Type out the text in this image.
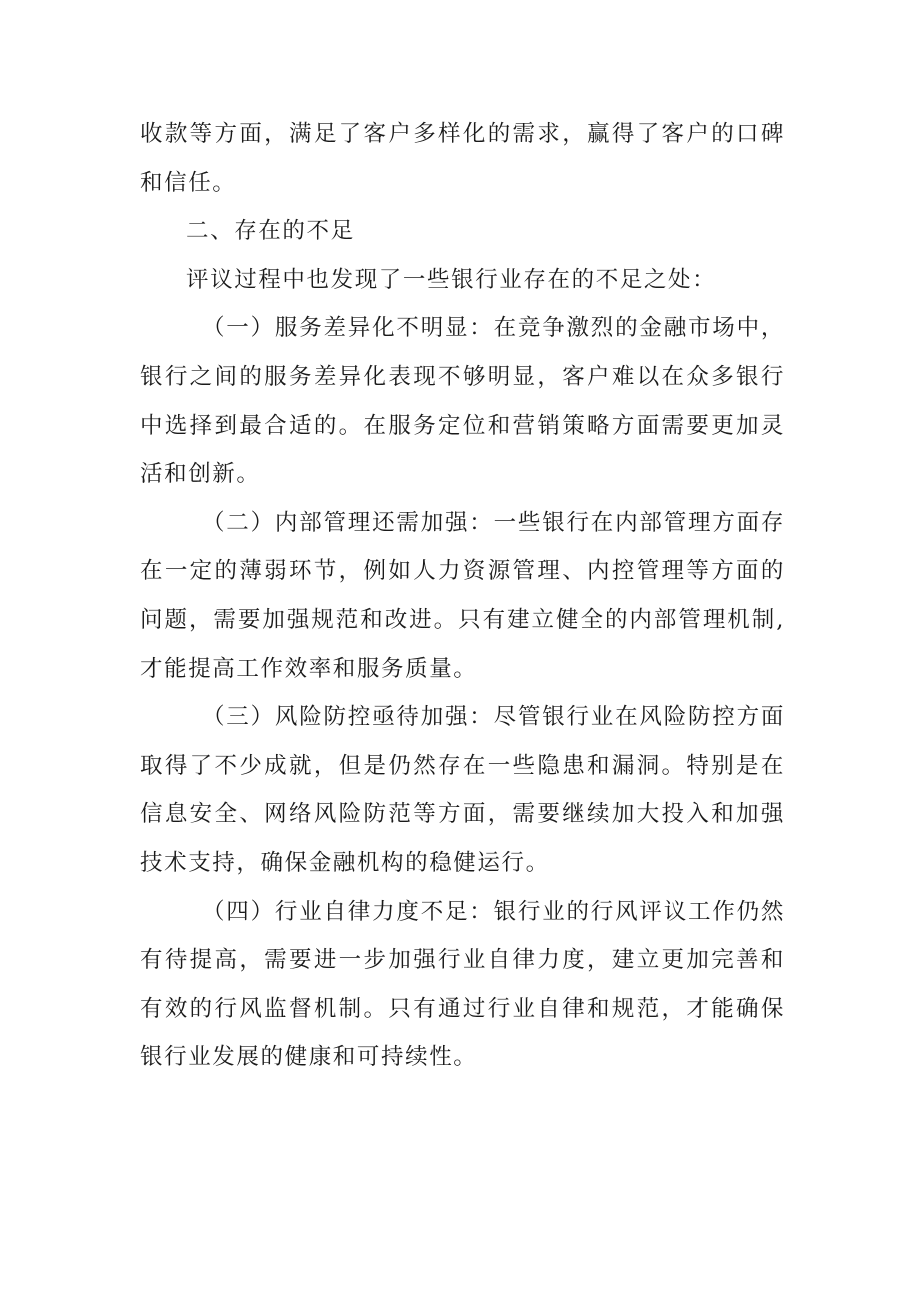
收款等方面，满足了客户多样化的需求，赢得了客户的口碑和信任。

二、存在的不足

评议过程中也发现了一些银行业存在的不足之处：

（一）服务差异化不明显：在竞争激烈的金融市场中，银行之间的服务差异化表现不够明显，客户难以在众多银行中选择到最合适的。在服务定位和营销策略方面需要更加灵活和创新。

（二）内部管理还需加强：一些银行在内部管理方面存在一定的薄弱环节，例如人力资源管理、内控管理等方面的问题，需要加强规范和改进。只有建立健全的内部管理机制,才能提高工作效率和服务质量。

（三）风险防控亟待加强：尽管银行业在风险防控方面取得了不少成就，但是仍然存在一些隐患和漏洞。特别是在信息安全、网络风险防范等方面，需要继续加大投入和加强技术支持，确保金融机构的稳健运行。

（四）行业自律力度不足：银行业的行风评议工作仍然有待提高，需要进一步加强行业自律力度，建立更加完善和有效的行风监督机制。只有通过行业自律和规范，才能确保银行业发展的健康和可持续性。
